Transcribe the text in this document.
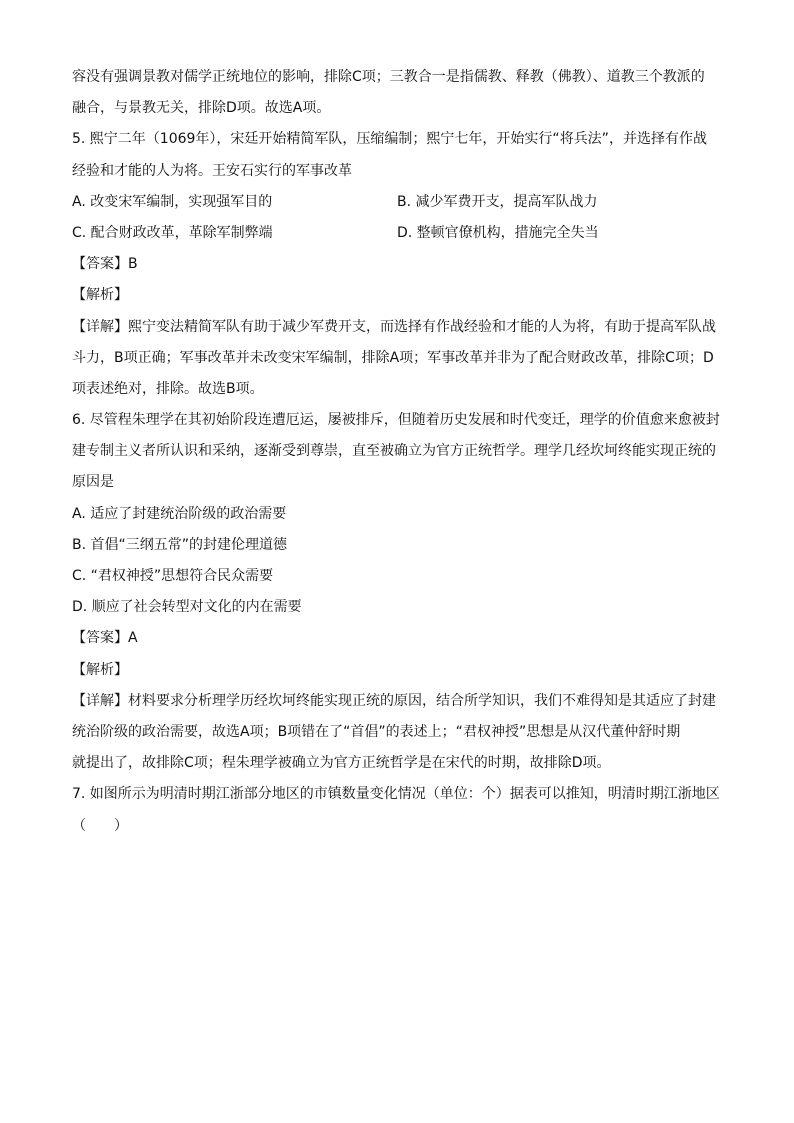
容没有强调景教对儒学正统地位的影响，排除C项；三教合一是指儒教、释教（佛教）、道教三个教派的
融合，与景教无关，排除D项。故选A项。
5. 熙宁二年（1069年），宋廷开始精简军队，压缩编制；熙宁七年，开始实行“将兵法”，并选择有作战
经验和才能的人为将。王安石实行的军事改革
A. 改变宋军编制，实现强军目的	B. 减少军费开支，提高军队战力
C. 配合财政改革，革除军制弊端	D. 整顿官僚机构，措施完全失当
【答案】B
【解析】
【详解】熙宁变法精简军队有助于减少军费开支，而选择有作战经验和才能的人为将，有助于提高军队战
斗力，B项正确；军事改革并未改变宋军编制，排除A项；军事改革并非为了配合财政改革，排除C项；D
项表述绝对，排除。故选B项。
6. 尽管程朱理学在其初始阶段连遭厄运，屡被排斥，但随着历史发展和时代变迁，理学的价值愈来愈被封
建专制主义者所认识和采纳，逐渐受到尊崇，直至被确立为官方正统哲学。理学几经坎坷终能实现正统的
原因是
A. 适应了封建统治阶级的政治需要
B. 首倡“三纲五常”的封建伦理道德
C. “君权神授”思想符合民众需要
D. 顺应了社会转型对文化的内在需要
【答案】A
【解析】
【详解】材料要求分析理学历经坎坷终能实现正统的原因，结合所学知识，我们不难得知是其适应了封建
统治阶级的政治需要，故选A项；B项错在了“首倡”的表述上；“君权神授”思想是从汉代董仲舒时期
就提出了，故排除C项；程朱理学被确立为官方正统哲学是在宋代的时期，故排除D项。
7. 如图所示为明清时期江浙部分地区的市镇数量变化情况（单位：个）据表可以推知，明清时期江浙地区
（　　）
